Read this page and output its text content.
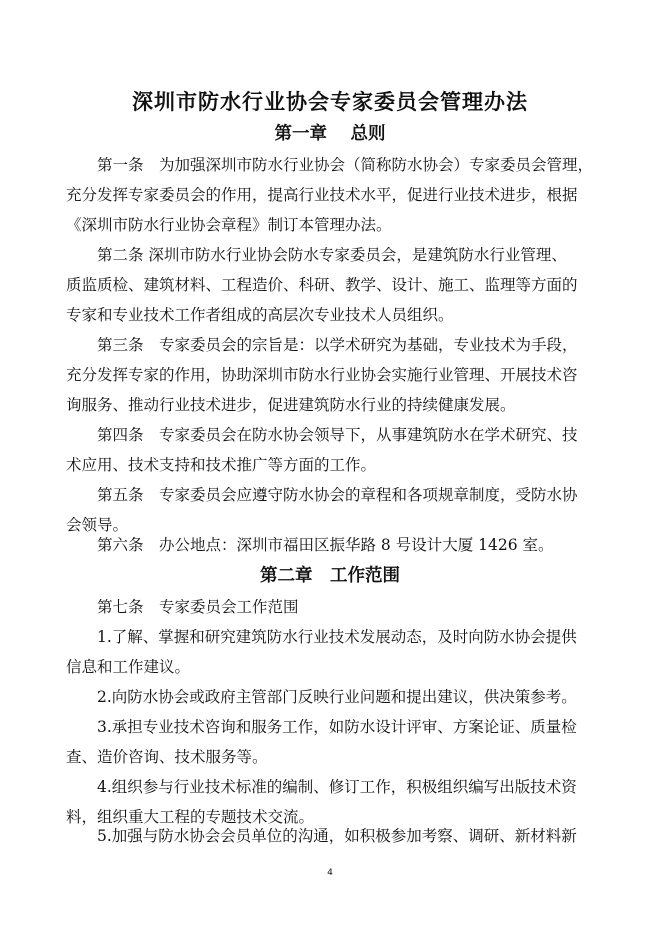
深圳市防水行业协会专家委员会管理办法
第一章　 总则
第一条　为加强深圳市防水行业协会（简称防水协会）专家委员会管理，
充分发挥专家委员会的作用，提高行业技术水平，促进行业技术进步，根据
《深圳市防水行业协会章程》制订本管理办法。
第二条 深圳市防水行业协会防水专家委员会，是建筑防水行业管理、
质监质检、建筑材料、工程造价、科研、教学、设计、施工、监理等方面的
专家和专业技术工作者组成的高层次专业技术人员组织。
第三条　专家委员会的宗旨是：以学术研究为基础，专业技术为手段，
充分发挥专家的作用，协助深圳市防水行业协会实施行业管理、开展技术咨
询服务、推动行业技术进步，促进建筑防水行业的持续健康发展。
第四条　专家委员会在防水协会领导下，从事建筑防水在学术研究、技
术应用、技术支持和技术推广等方面的工作。
第五条　专家委员会应遵守防水协会的章程和各项规章制度，受防水协
会领导。
第六条　办公地点：深圳市福田区振华路 8 号设计大厦 1426 室。
第二章　工作范围
第七条　专家委员会工作范围
1.了解、掌握和研究建筑防水行业技术发展动态，及时向防水协会提供
信息和工作建议。
2.向防水协会或政府主管部门反映行业问题和提出建议，供决策参考。
3.承担专业技术咨询和服务工作，如防水设计评审、方案论证、质量检
查、造价咨询、技术服务等。
4.组织参与行业技术标准的编制、修订工作，积极组织编写出版技术资
料，组织重大工程的专题技术交流。
5.加强与防水协会会员单位的沟通，如积极参加考察、调研、新材料新
4
